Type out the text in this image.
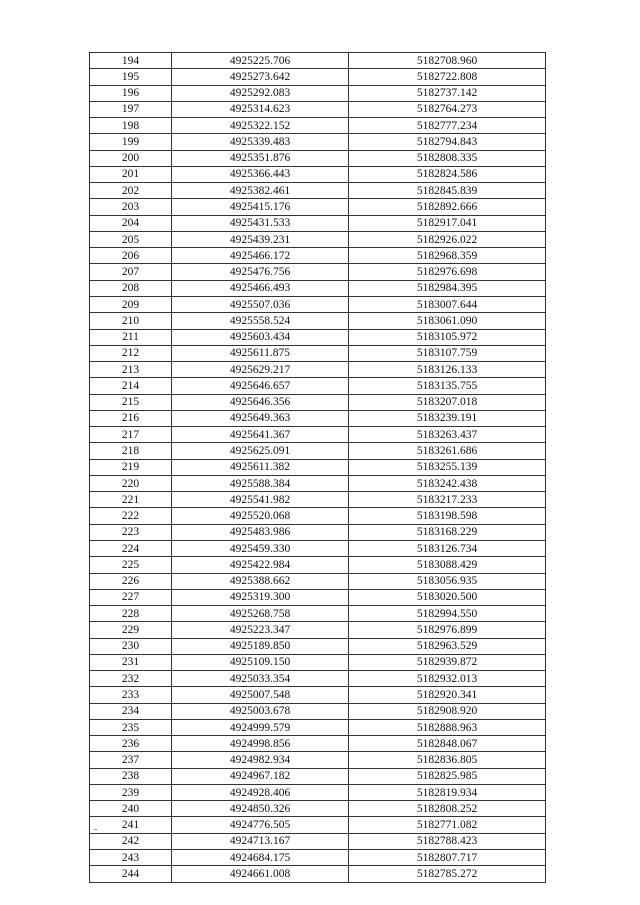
194	4925225.706	5182708.960
195	4925273.642	5182722.808
196	4925292.083	5182737.142
197	4925314.623	5182764.273
198	4925322.152	5182777.234
199	4925339.483	5182794.843
200	4925351.876	5182808.335
201	4925366.443	5182824.586
202	4925382.461	5182845.839
203	4925415.176	5182892.666
204	4925431.533	5182917.041
205	4925439.231	5182926.022
206	4925466.172	5182968.359
207	4925476.756	5182976.698
208	4925466.493	5182984.395
209	4925507.036	5183007.644
210	4925558.524	5183061.090
211	4925603.434	5183105.972
212	4925611.875	5183107.759
213	4925629.217	5183126.133
214	4925646.657	5183135.755
215	4925646.356	5183207.018
216	4925649.363	5183239.191
217	4925641.367	5183263.437
218	4925625.091	5183261.686
219	4925611.382	5183255.139
220	4925588.384	5183242.438
221	4925541.982	5183217.233
222	4925520.068	5183198.598
223	4925483.986	5183168.229
224	4925459.330	5183126.734
225	4925422.984	5183088.429
226	4925388.662	5183056.935
227	4925319.300	5183020.500
228	4925268.758	5182994.550
229	4925223.347	5182976.899
230	4925189.850	5182963.529
231	4925109.150	5182939.872
232	4925033.354	5182932.013
233	4925007.548	5182920.341
234	4925003.678	5182908.920
235	4924999.579	5182888.963
236	4924998.856	5182848.067
237	4924982.934	5182836.805
238	4924967.182	5182825.985
239	4924928.406	5182819.934
240	4924850.326	5182808.252
241	4924776.505	5182771.082
242	4924713.167	5182788.423
243	4924684.175	5182807.717
244	4924661.008	5182785.272
